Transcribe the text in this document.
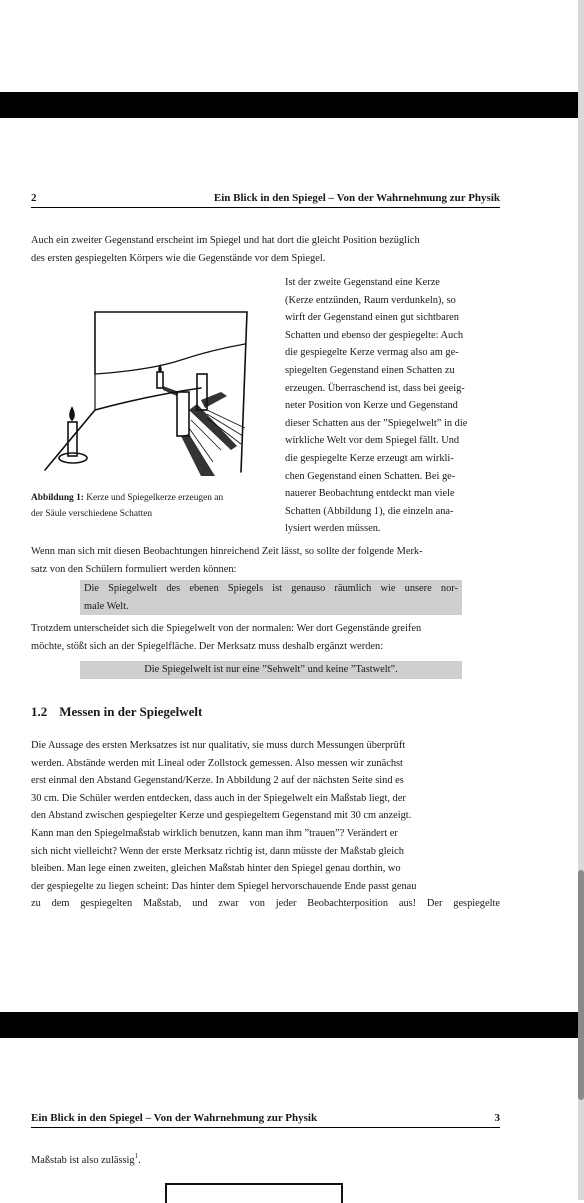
2	Ein Blick in den Spiegel – Von der Wahrnehmung zur Physik

Auch ein zweiter Gegenstand erscheint im Spiegel und hat dort die gleicht Position bezüglich

des ersten gespiegelten Körpers wie die Gegenstände vor dem Spiegel.

Abbildung 1: Kerze und Spiegelkerze erzeugen an
der Säule verschiedene Schatten

Ist der zweite Gegenstand eine Kerze

(Kerze entzünden, Raum verdunkeln), so

wirft der Gegenstand einen gut sichtbaren

Schatten und ebenso der gespiegelte: Auch

die gespiegelte Kerze vermag also am ge-

spiegelten Gegenstand einen Schatten zu

erzeugen. Überraschend ist, dass bei geeig-

neter Position von Kerze und Gegenstand

dieser Schatten aus der ”Spiegelwelt” in die

wirkliche Welt vor dem Spiegel fällt. Und

die gespiegelte Kerze erzeugt am wirkli-

chen Gegenstand einen Schatten. Bei ge-

nauerer Beobachtung entdeckt man viele

Schatten (Abbildung 1), die einzeln ana-

lysiert werden müssen.

Wenn man sich mit diesen Beobachtungen hinreichend Zeit lässt, so sollte der folgende Merk-

satz von den Schülern formuliert werden können:

Die Spiegelwelt des ebenen Spiegels ist genauso räumlich wie unsere nor-
male Welt.

Trotzdem unterscheidet sich die Spiegelwelt von der normalen: Wer dort Gegenstände greifen

möchte, stößt sich an der Spiegelfläche. Der Merksatz muss deshalb ergänzt werden:

Die Spiegelwelt ist nur eine ”Sehwelt” und keine ”Tastwelt”.
1.2 Messen in der Spiegelwelt

Die Aussage des ersten Merksatzes ist nur qualitativ, sie muss durch Messungen überprüft

werden. Abstände werden mit Lineal oder Zollstock gemessen. Also messen wir zunächst

erst einmal den Abstand Gegenstand/Kerze. In Abbildung 2 auf der nächsten Seite sind es

30 cm. Die Schüler werden entdecken, dass auch in der Spiegelwelt ein Maßstab liegt, der

den Abstand zwischen gespiegelter Kerze und gespiegeltem Gegenstand mit 30 cm anzeigt.

Kann man den Spiegelmaßstab wirklich benutzen, kann man ihm ”trauen”? Verändert er

sich nicht vielleicht? Wenn der erste Merksatz richtig ist, dann müsste der Maßstab gleich

bleiben. Man lege einen zweiten, gleichen Maßstab hinter den Spiegel genau dorthin, wo

der gespiegelte zu liegen scheint: Das hinter dem Spiegel hervorschauende Ende passt genau

zu dem gespiegelten Maßstab, und zwar von jeder Beobachterposition aus! Der gespiegelte

Ein Blick in den Spiegel – Von der Wahrnehmung zur Physik	3

Maßstab ist also zulässig$^1$.
